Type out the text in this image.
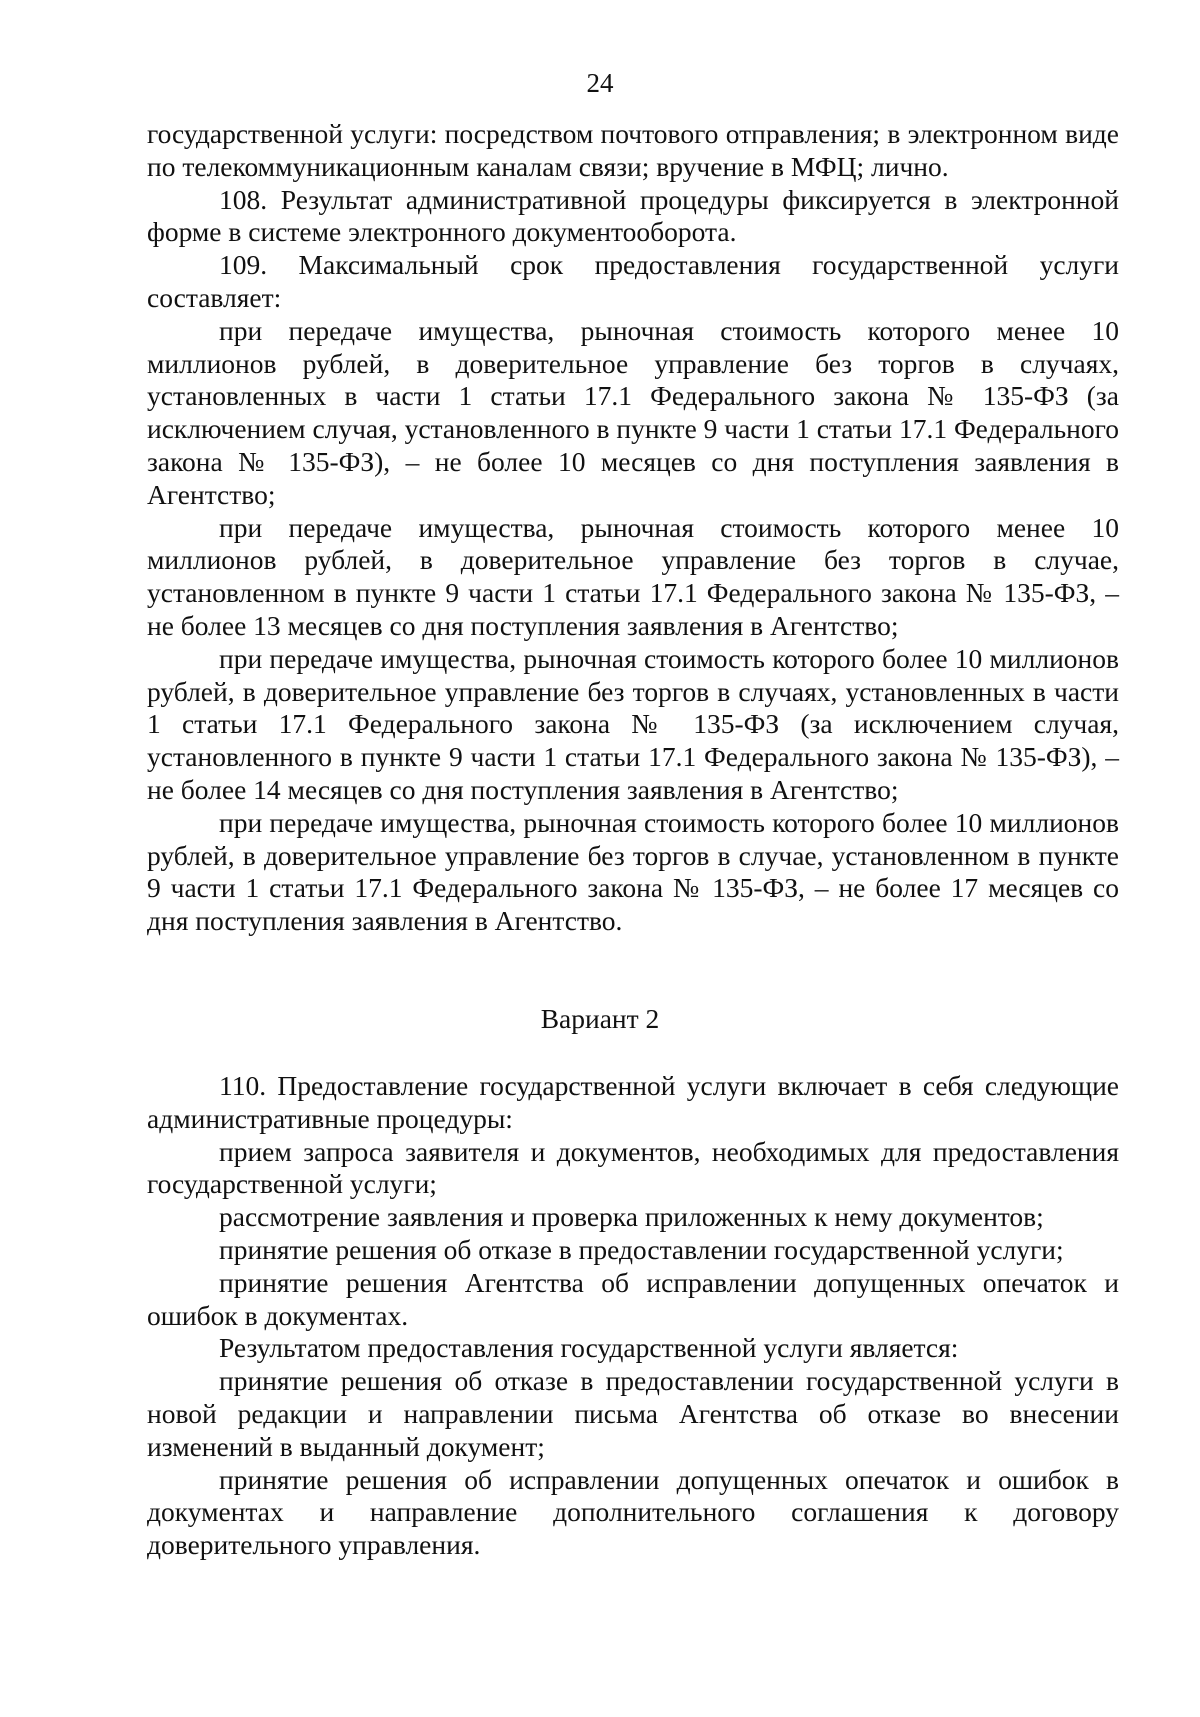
24

государственной услуги: посредством почтового отправления; в электронном виде по телекоммуникационным каналам связи; вручение в МФЦ; лично.

108. Результат административной процедуры фиксируется в электронной форме в системе электронного документооборота.

109. Максимальный срок предоставления государственной услуги составляет:

при передаче имущества, рыночная стоимость которого менее 10 миллионов рублей, в доверительное управление без торгов в случаях, установленных в части 1 статьи 17.1 Федерального закона № 135-ФЗ (за исключением случая, установленного в пункте 9 части 1 статьи 17.1 Федерального закона № 135-ФЗ), – не более 10 месяцев со дня поступления заявления в Агентство;

при передаче имущества, рыночная стоимость которого менее 10 миллионов рублей, в доверительное управление без торгов в случае, установленном в пункте 9 части 1 статьи 17.1 Федерального закона № 135-ФЗ, – не более 13 месяцев со дня поступления заявления в Агентство;

при передаче имущества, рыночная стоимость которого более 10 миллионов рублей, в доверительное управление без торгов в случаях, установленных в части 1 статьи 17.1 Федерального закона № 135-ФЗ (за исключением случая, установленного в пункте 9 части 1 статьи 17.1 Федерального закона № 135-ФЗ), – не более 14 месяцев со дня поступления заявления в Агентство;

при передаче имущества, рыночная стоимость которого более 10 миллионов рублей, в доверительное управление без торгов в случае, установленном в пункте 9 части 1 статьи 17.1 Федерального закона № 135-ФЗ, – не более 17 месяцев со дня поступления заявления в Агентство.

Вариант 2

110. Предоставление государственной услуги включает в себя следующие административные процедуры:

прием запроса заявителя и документов, необходимых для предоставления государственной услуги;

рассмотрение заявления и проверка приложенных к нему документов;

принятие решения об отказе в предоставлении государственной услуги;

принятие решения Агентства об исправлении допущенных опечаток и ошибок в документах.

Результатом предоставления государственной услуги является:

принятие решения об отказе в предоставлении государственной услуги в новой редакции и направлении письма Агентства об отказе во внесении изменений в выданный документ;

принятие решения об исправлении допущенных опечаток и ошибок в документах и направление дополнительного соглашения к договору доверительного управления.
